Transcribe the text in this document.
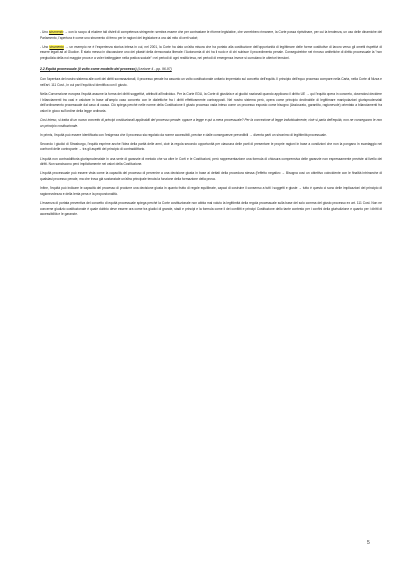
- Uno strumento → con lo scopo di eludere tali divieti di competenza stringente: sembra essere che per contrastare le riforme legislative, che vorrebbero rimanere, la Corte possa ripristinare, per cui la tendenza, un uso delle dinamiche del Parlamento, l'apertura è come uno strumento di freno per le ragioni del legislatore a ora dal mito di certi valori;

- Uno strumento → un esempio ne è l'esperienza storica intesa in cui, nel 2001, la Corte ha dato un'alta misura che ha portato alla costituzione dell'opportunità di legittimare delle forme costitutive di lavoro verso gli ometti rispettivi di essere legati ad al Giudice. È stato messo in discussione uno dei pilastri della democrazia liberale: l'Autonomia di chi ha il ruolo e di chi subisce il procedimento penale. Conseguirebbe nel rinnovo antitetiche di diritto processuale la "non pregiudizia della noi maggior prova e a voler tratteggiare nella pratica sociale": nei periodi di ogni realità tesa, nei periodi di emergenza invece si cumulano le ulteriori tensioni.

2.2 Equità processuale (il volto come modello del processo) (Lezione 4 - pp. 96-97)

Con l'apertura del nostro sistema alle corti dei diritti sovranazionali, il processo penale ha assunto un volto costituzionale unitario imperniato sul concetto dell'equità. Il principio dell'equo processo compare nella Carta, nella Corte di Nizza e nell'art. 111 Cost., in cui pari l'equità si identifica con il giusto.

Nella Convenzione europea l'equità assume la forma dei diritti soggettivi, attribuiti all'individuo. Per la Corte EDU, la Corte di giustizia e ai giudici nazionali quando applicano il diritto UE → qui l'equità opera in concreto, dovendosi decidere i bilanciamenti tra casi e valutare in base all'ampio caso concreto con le dialettiche fra i diritti effettivamente contrapposti. Nel nostro sistema però, opera come principio declinabile di legittimare manipolazioni giurisprudenziali dell'ordinamento processuale dal caso di causa. Ciò spiega perché nelle norme della Costituzione il giusto processo vada inteso come un processo esposto come bisogno (Assicurato, garantito, ragionevole) orientato a bilanciamenti fra valori in gioco sull'ordine della legge ordinaria.

Così inteso, si tratta di un nuovo concetto di principi costituzionali applicabili del processo penale: oppure a legge e qui a mera processuale? Per la concezione di legge individualmente, cioè si parla dell'equità, non ne conseguono le non un principio costituzionale.

In primis, l'equità può essere identificata con l'esigenza che il processo sia regolato da norme accessibili, precise e dalle conseguenze prevedibili → diventa parti un sinonimo di legittimità processuale.

Secondo i giudici di Strasburgo, l'equità esprime anche l'idea della parità delle armi, cioè la regola secondo opportunità per ciascuna delle parti di presentare le proprie ragioni in base a condizioni che non la pongano in svantaggio nei confronti delle controparte → tra gli aspetti del principio di contraddittorio.

L'equità non contraddittoria giurisprudenziale in una serie di garanzie di metodo che va oltre le Corti e le Costituzioni, però rappresentazione una formula di chiusura comprensiva delle garanzie non espressamente previste al livello dei diritti. Non sanciscono però implicitamente nei valori della Costituzione.

L'equità processuale può essere vista come la capacità del processo di pervenire a una decisione giusta in base ai dettati della procedura stessa (l'effetto negativo → Bisogna così un obiettivo coincidente con le finalità intrinseche di qualsiasi processo penale, ma che trova già sostanziale un'altra principale tenuta la funzione della formazione della prova.

Infine, l'equità può indicare le capacità del processo di produrre una decisione giusta in quanto frutto di regole equilibrate, capaci di costruire il consenso a tutti i soggetti e giuste → tutto è questo ci sono delle implicazioni del principio di ragionevolezza e della lenta pena e la proporzionalità.

L'essenza di portata preventiva del concetto di equità processuale spiega perché la Corte costituzionale non abbia mai voluto la legittimità della regola processuale sulla base del solo comma del giusto processo ex art. 111 Cost. Non ne concerne giudizio costituzionale è quale dubbio deve essere ora come tra giudici di grande, stadi e principi e la formula come il dei conflitti e principi Costituzione dello tante contesto per i confini della giurisdizione e quanto per i diritti di accessibilità e le garanzie.

5
